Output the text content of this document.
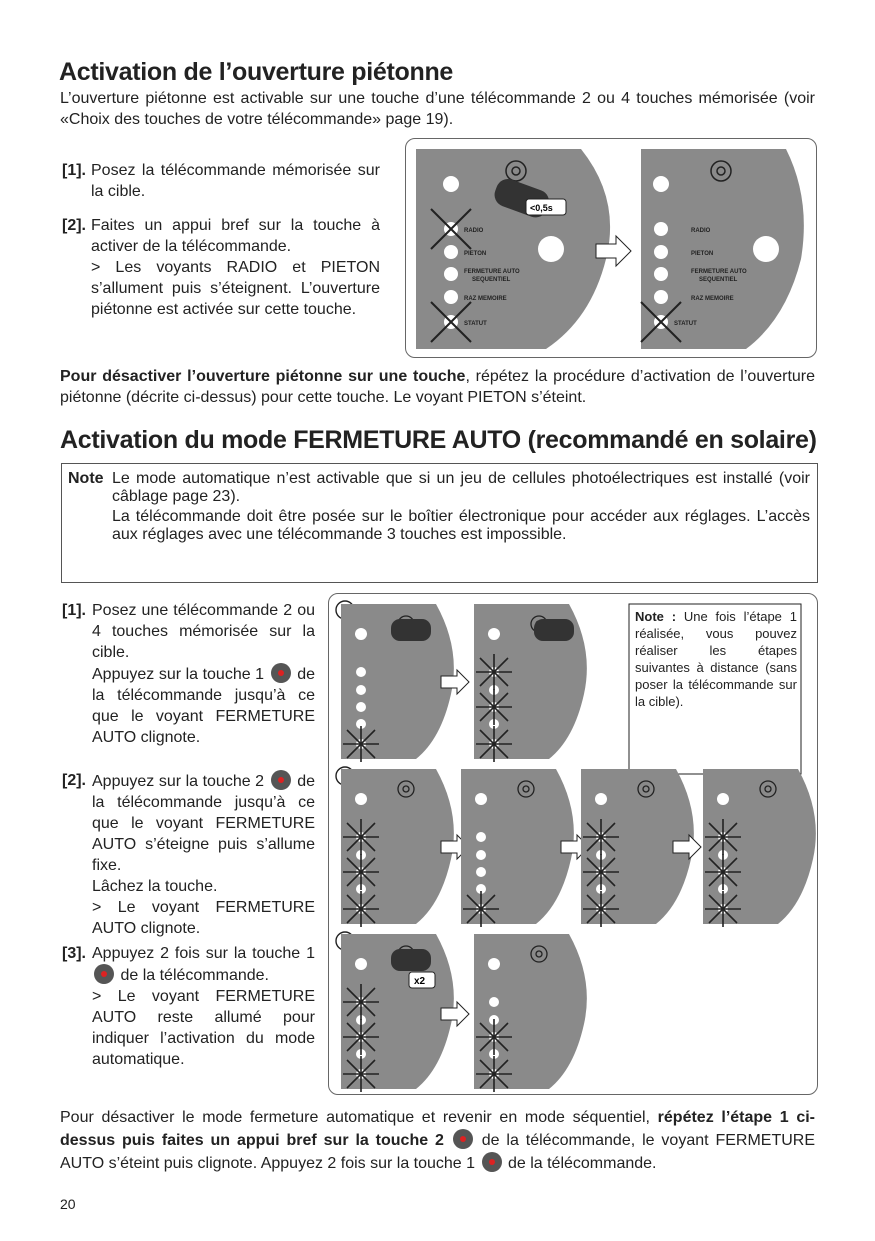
Activation de l’ouverture piétonne
L’ouverture piétonne est activable sur une touche d’une télécommande 2 ou 4 touches mémorisée (voir «Choix des touches de votre télécommande» page 19).
[1]. Posez la télécommande mémorisée sur la cible.
[2]. Faites un appui bref sur la touche à activer de la télécommande.
> Les voyants RADIO et PIETON s’allument puis s’éteignent. L’ouverture piétonne est activée sur cette touche.
<0,5s
RADIO
PIETON
FERMETURE AUTO
SEQUENTIEL
RAZ MEMOIRE
STATUT
RADIO
PIETON
FERMETURE AUTO
SEQUENTIEL
RAZ MEMOIRE
STATUT
Pour désactiver l’ouverture piétonne sur une touche, répétez la procédure d’activation de l’ouverture piétonne (décrite ci-dessus) pour cette touche. Le voyant PIETON s’éteint.
Activation du mode FERMETURE AUTO (recommandé en solaire)
Note Le mode automatique n’est activable que si un jeu de cellules photoélectriques est installé (voir câblage page 23).
La télécommande doit être posée sur le boîtier électronique pour accéder aux réglages. L’accès aux réglages avec une télécommande 3 touches est impossible.
[1]. Posez une télécommande 2 ou 4 touches mémorisée sur la cible.
Appuyez sur la touche 1 de la télécommande jusqu’à ce que le voyant FERMETURE AUTO clignote.
[2]. Appuyez sur la touche 2 de la télécommande jusqu’à ce que le voyant FERMETURE AUTO s’éteigne puis s’allume fixe.
Lâchez la touche.
> Le voyant FERMETURE AUTO clignote.
[3]. Appuyez 2 fois sur la touche 1  de la télécommande.
> Le voyant FERMETURE AUTO reste allumé pour indiquer l’activation du mode automatique.
Note : Une fois l’étape 1 réalisée, vous pouvez réaliser les étapes suivantes à distance (sans poser la télécommande sur la cible).
x2
Pour désactiver le mode fermeture automatique et revenir en mode séquentiel, répétez l’étape 1 ci-dessus puis faites un appui bref sur la touche 2 de la télécommande, le voyant FERMETURE AUTO s’éteint puis clignote. Appuyez 2 fois sur la touche 1 de la télécommande.
20
